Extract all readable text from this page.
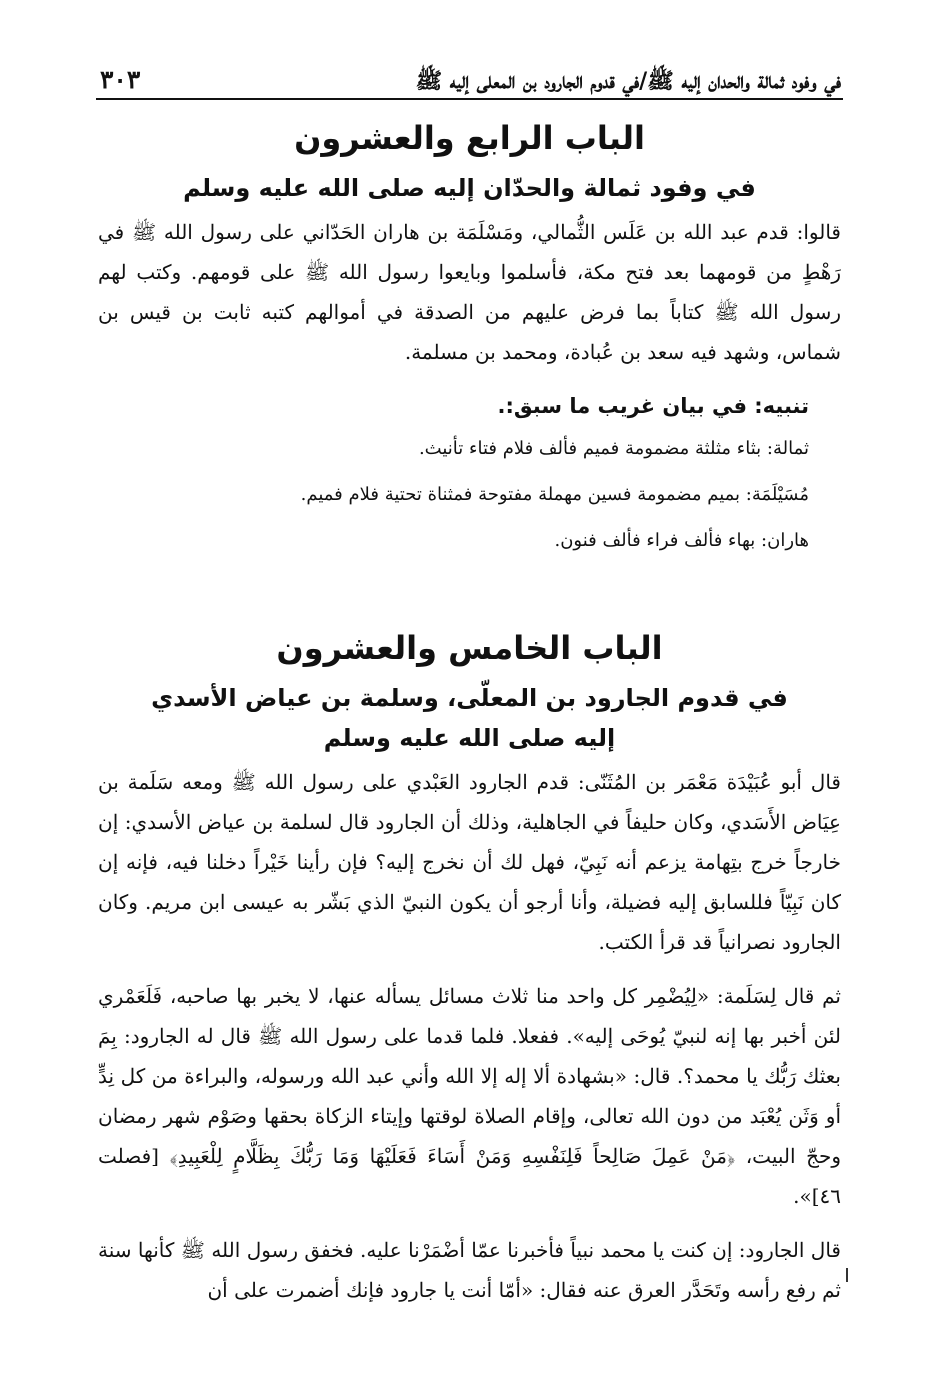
في وفود ثمالة والحدان إليه ﷺ/في قدوم الجارود بن المعلى إليه ﷺ
٣٠٣
الباب الرابع والعشرون
في وفود ثمالة والحدّان إليه صلى الله عليه وسلم

قالوا: قدم عبد الله بن عَلَس الثُّمالي، ومَسْلَمَة بن هاران الحَدّاني على رسول الله ﷺ في رَهْطٍ من قومهما بعد فتح مكة، فأسلموا وبايعوا رسول الله ﷺ على قومهم. وكتب لهم رسول الله ﷺ كتاباً بما فرض عليهم من الصدقة في أموالهم كتبه ثابت بن قيس بن شماس، وشهد فيه سعد بن عُبادة، ومحمد بن مسلمة.

تنبيه: في بيان غريب ما سبق:.
ثمالة: بثاء مثلثة مضمومة فميم فألف فلام فتاء تأنيث.
مُسَيْلَمَة: بميم مضمومة فسين مهملة مفتوحة فمثناة تحتية فلام فميم.
هاران: بهاء فألف فراء فألف فنون.
الباب الخامس والعشرون
في قدوم الجارود بن المعلّى، وسلمة بن عياض الأسدي
إليه صلى الله عليه وسلم

قال أبو عُبَيْدَة مَعْمَر بن المُثَنّى: قدم الجارود العَبْدي على رسول الله ﷺ ومعه سَلَمة بن عِيَاض الأَسَدي، وكان حليفاً في الجاهلية، وذلك أن الجارود قال لسلمة بن عياض الأسدي: إن خارجاً خرج بتِهامة يزعم أنه نَبِيّ، فهل لك أن نخرج إليه؟ فإن رأينا خَيْراً دخلنا فيه، فإنه إن كان نَبِيّاً فللسابق إليه فضيلة، وأنا أرجو أن يكون النبيّ الذي بَشّر به عيسى ابن مريم. وكان الجارود نصرانياً قد قرأ الكتب.

ثم قال لِسَلَمة: «لِيُضْمِر كل واحد منا ثلاث مسائل يسأله عنها، لا يخبر بها صاحبه، فَلَعَمْري لئن أخبر بها إنه لنبيّ يُوحَى إليه». ففعلا. فلما قدما على رسول الله ﷺ قال له الجارود: بِمَ بعثك رَبُّك يا محمد؟. قال: «بشهادة ألا إله إلا الله وأني عبد الله ورسوله، والبراءة من كل نِدٍّ أو وَثَن يُعْبَد من دون الله تعالى، وإقام الصلاة لوقتها وإيتاء الزكاة بحقها وصَوْم شهر رمضان وحجّ البيت، ﴿مَنْ عَمِلَ صَالِحاً فَلِنَفْسِهِ وَمَنْ أَسَاءَ فَعَلَيْهَا وَمَا رَبُّكَ بِظَلَّامٍ لِلْعَبِيدِ﴾ [فصلت ٤٦]».

قال الجارود: إن كنت يا محمد نبياً فأخبرنا عمّا أضْمَرْنا عليه. فخفق رسول الله ﷺ كأنها سنة ثم رفع رأسه وتَحَدَّر العرق عنه فقال: «أمّا أنت يا جارود فإنك أضمرت على أن
